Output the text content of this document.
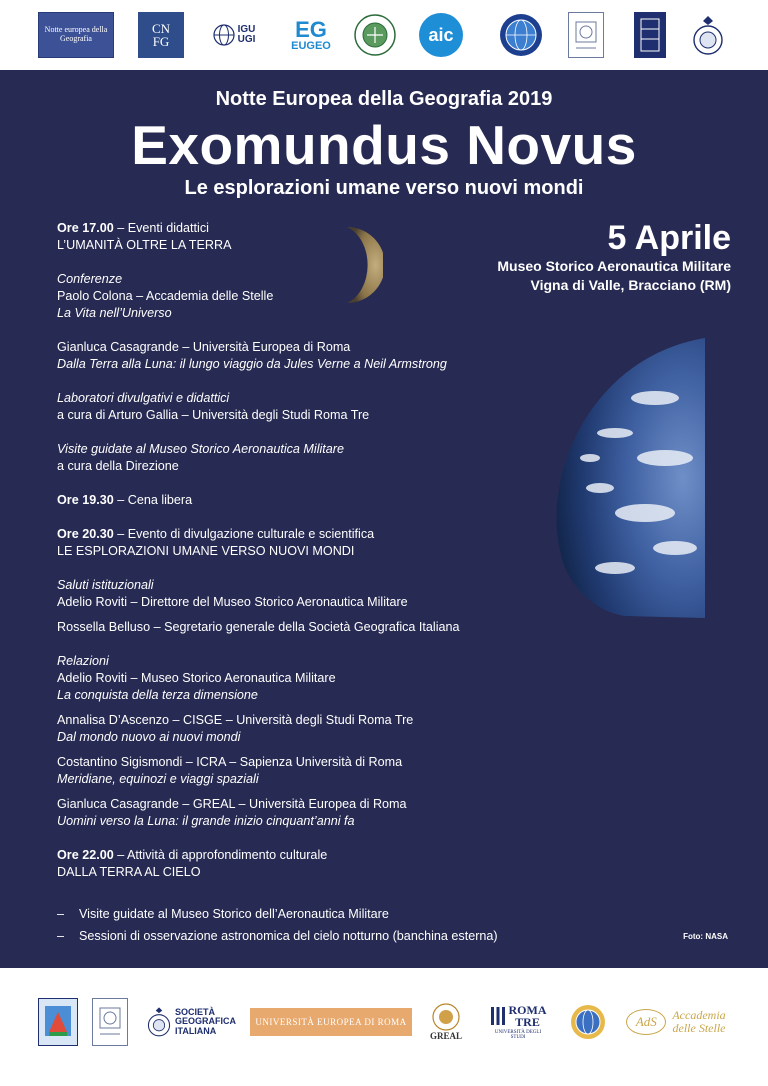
Notte europea della Geografia
CN
FG
IGU
UGI EG
EUGEO
aic
Notte Europea della Geografia 2019
Exomundus Novus
Le esplorazioni umane verso nuovi mondi
5 Aprile
Museo Storico Aeronautica Militare
Vigna di Valle, Bracciano (RM)
Ore 17.00 – Eventi didattici
L’UMANITÀ OLTRE LA TERRA
Conferenze
Paolo Colona – Accademia delle Stelle
La Vita nell’Universo
Gianluca Casagrande – Università Europea di Roma
Dalla Terra alla Luna: il lungo viaggio da Jules Verne a Neil Armstrong
Laboratori divulgativi e didattici
a cura di Arturo Gallia – Università degli Studi Roma Tre
Visite guidate al Museo Storico Aeronautica Militare
a cura della Direzione
Ore 19.30 – Cena libera
Ore 20.30 – Evento di divulgazione culturale e scientifica
LE ESPLORAZIONI UMANE VERSO NUOVI MONDI
Saluti istituzionali
Adelio Roviti – Direttore del Museo Storico Aeronautica Militare
Rossella Belluso – Segretario generale della Società Geografica Italiana
Relazioni
Adelio Roviti – Museo Storico Aeronautica Militare
La conquista della terza dimensione
Annalisa D’Ascenzo – CISGE – Università degli Studi Roma Tre
Dal mondo nuovo ai nuovi mondi
Costantino Sigismondi – ICRA – Sapienza Università di Roma
Meridiane, equinozi e viaggi spaziali
Gianluca Casagrande – GREAL – Università Europea di Roma
Uomini verso la Luna: il grande inizio cinquant’anni fa
Ore 22.00 – Attività di approfondimento culturale
DALLA TERRA AL CIELO
– Visite guidate al Museo Storico dell’Aeronautica Militare
– Sessioni di osservazione astronomica del cielo notturno (banchina esterna)	Foto: NASA
SOCIETÀ
GEOGRAFICA
ITALIANA
UNIVERSITÀ EUROPEA DI ROMA
GREAL
ROMA
TRE
UNIVERSITÀ DEGLI STUDI
AdS Accademia
delle Stelle
